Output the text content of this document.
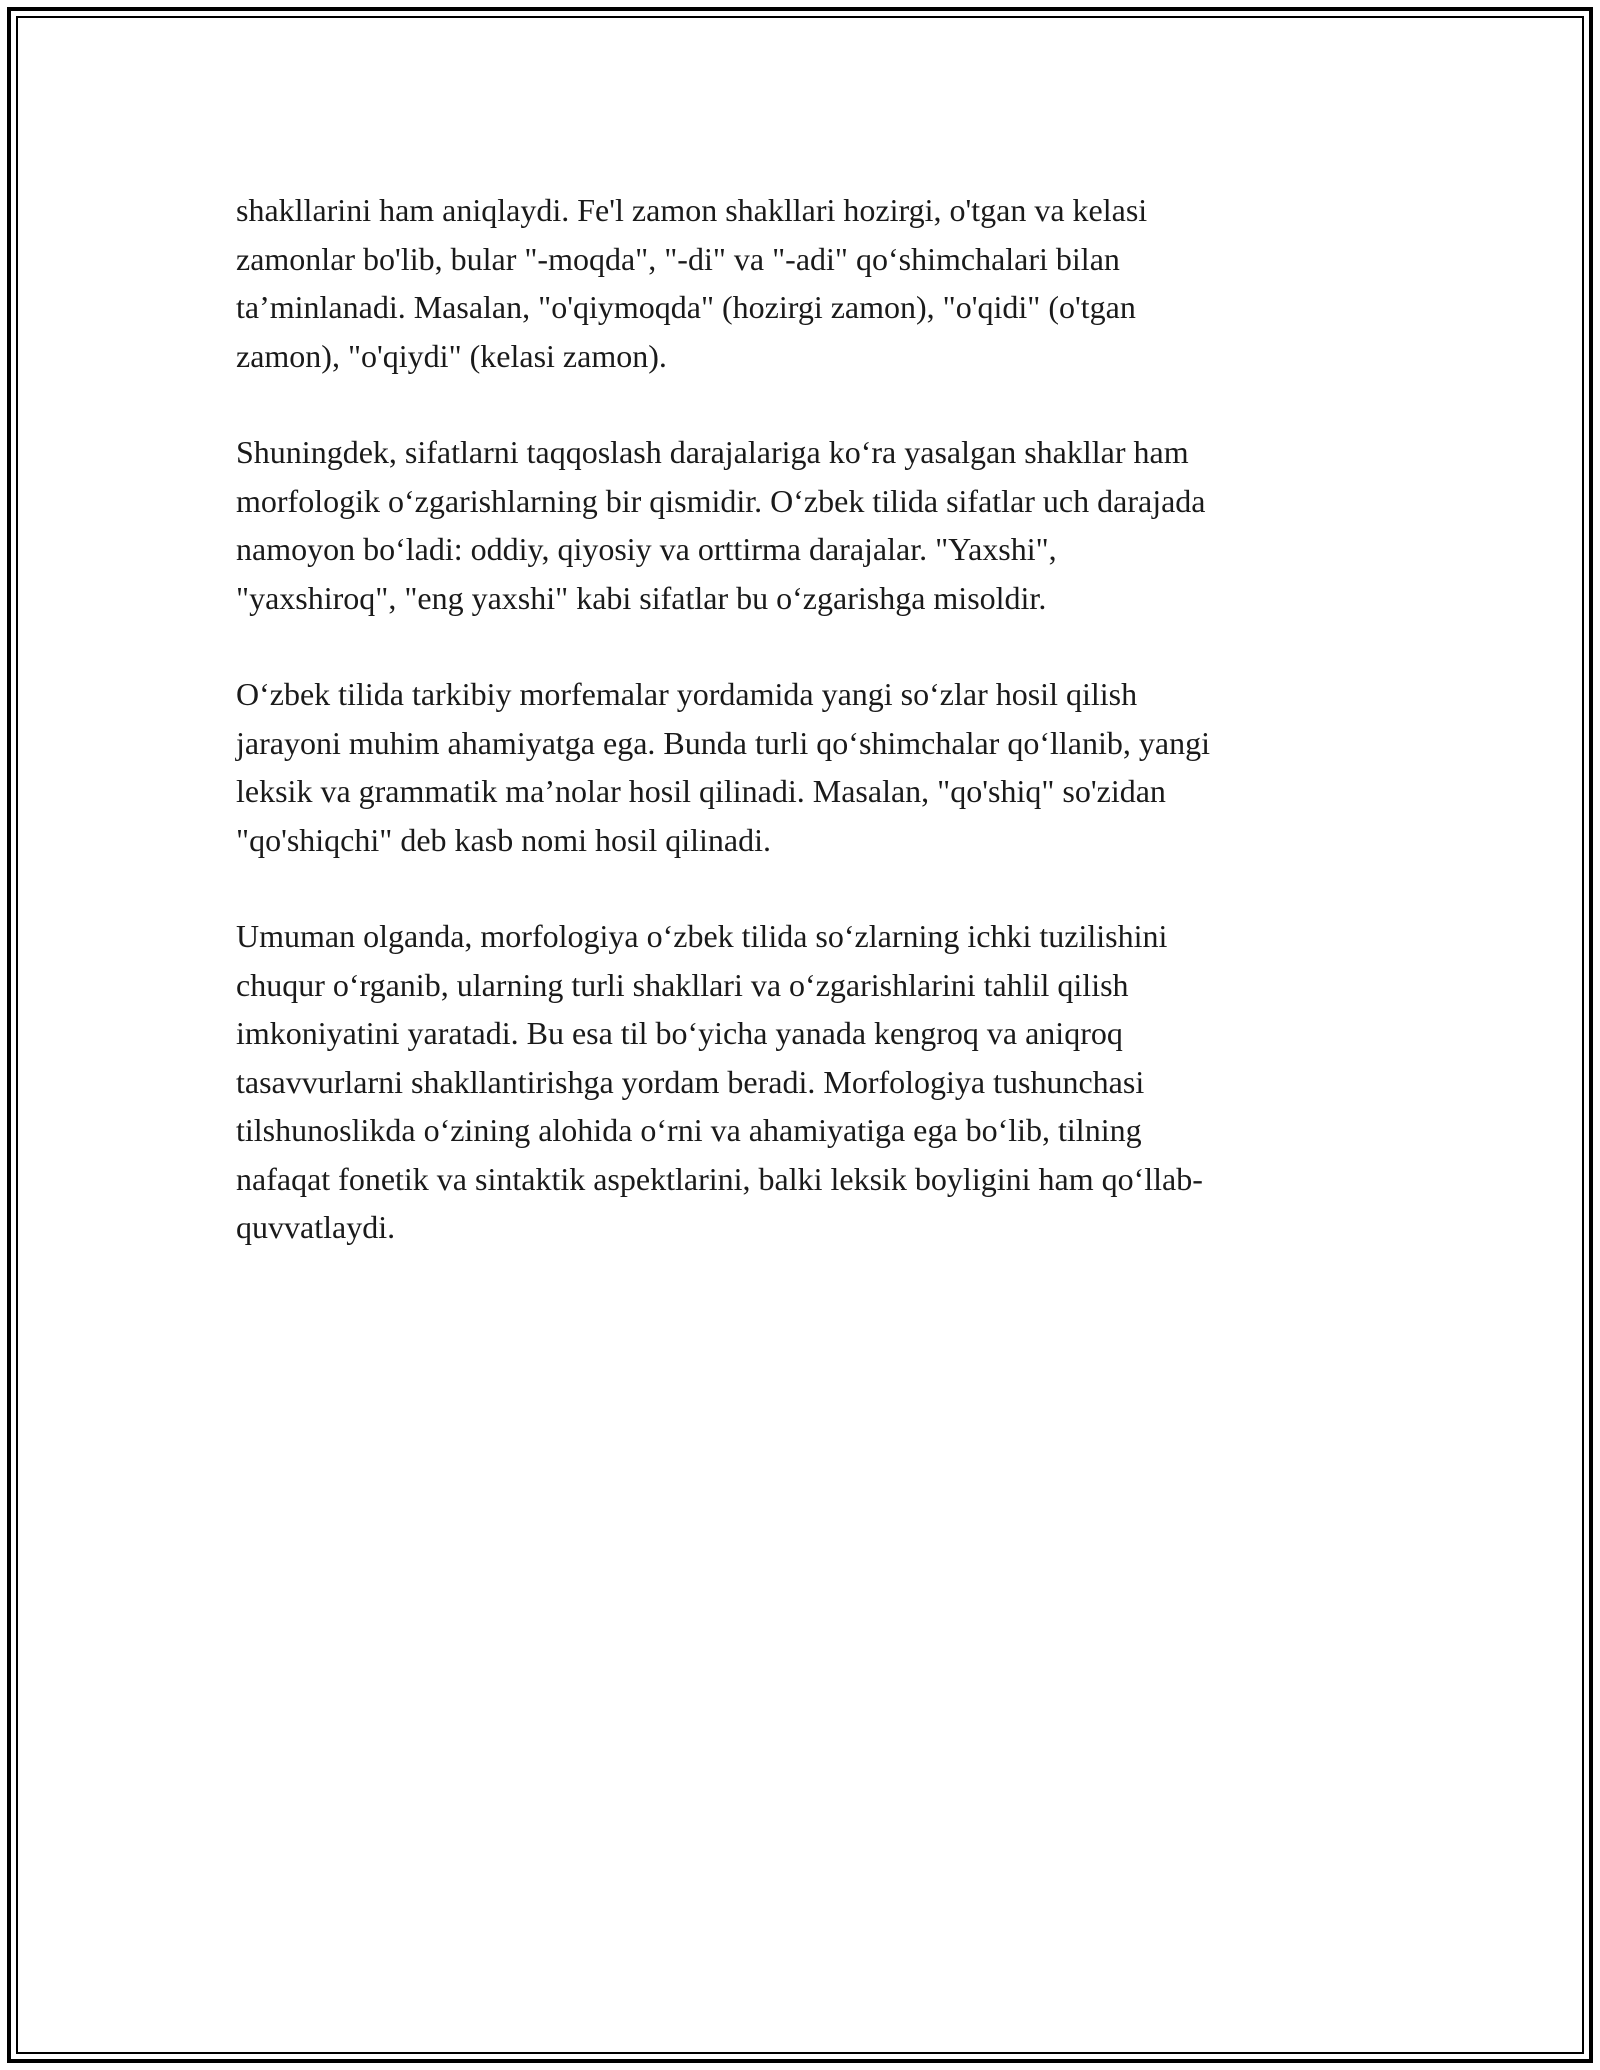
shakllarini ham aniqlaydi. Fe'l zamon shakllari hozirgi, o'tgan va kelasi
zamonlar bo'lib, bular "-moqda", "-di" va "-adi" qo‘shimchalari bilan
ta’minlanadi. Masalan, "o'qiymoqda" (hozirgi zamon), "o'qidi" (o'tgan
zamon), "o'qiydi" (kelasi zamon).

Shuningdek, sifatlarni taqqoslash darajalariga ko‘ra yasalgan shakllar ham
morfologik o‘zgarishlarning bir qismidir. O‘zbek tilida sifatlar uch darajada
namoyon bo‘ladi: oddiy, qiyosiy va orttirma darajalar. "Yaxshi",
"yaxshiroq", "eng yaxshi" kabi sifatlar bu o‘zgarishga misoldir.

O‘zbek tilida tarkibiy morfemalar yordamida yangi so‘zlar hosil qilish
jarayoni muhim ahamiyatga ega. Bunda turli qo‘shimchalar qo‘llanib, yangi
leksik va grammatik ma’nolar hosil qilinadi. Masalan, "qo'shiq" so'zidan
"qo'shiqchi" deb kasb nomi hosil qilinadi.

Umuman olganda, morfologiya o‘zbek tilida so‘zlarning ichki tuzilishini
chuqur o‘rganib, ularning turli shakllari va o‘zgarishlarini tahlil qilish
imkoniyatini yaratadi. Bu esa til bo‘yicha yanada kengroq va aniqroq
tasavvurlarni shakllantirishga yordam beradi. Morfologiya tushunchasi
tilshunoslikda o‘zining alohida o‘rni va ahamiyatiga ega bo‘lib, tilning
nafaqat fonetik va sintaktik aspektlarini, balki leksik boyligini ham qo‘llab-
quvvatlaydi.
